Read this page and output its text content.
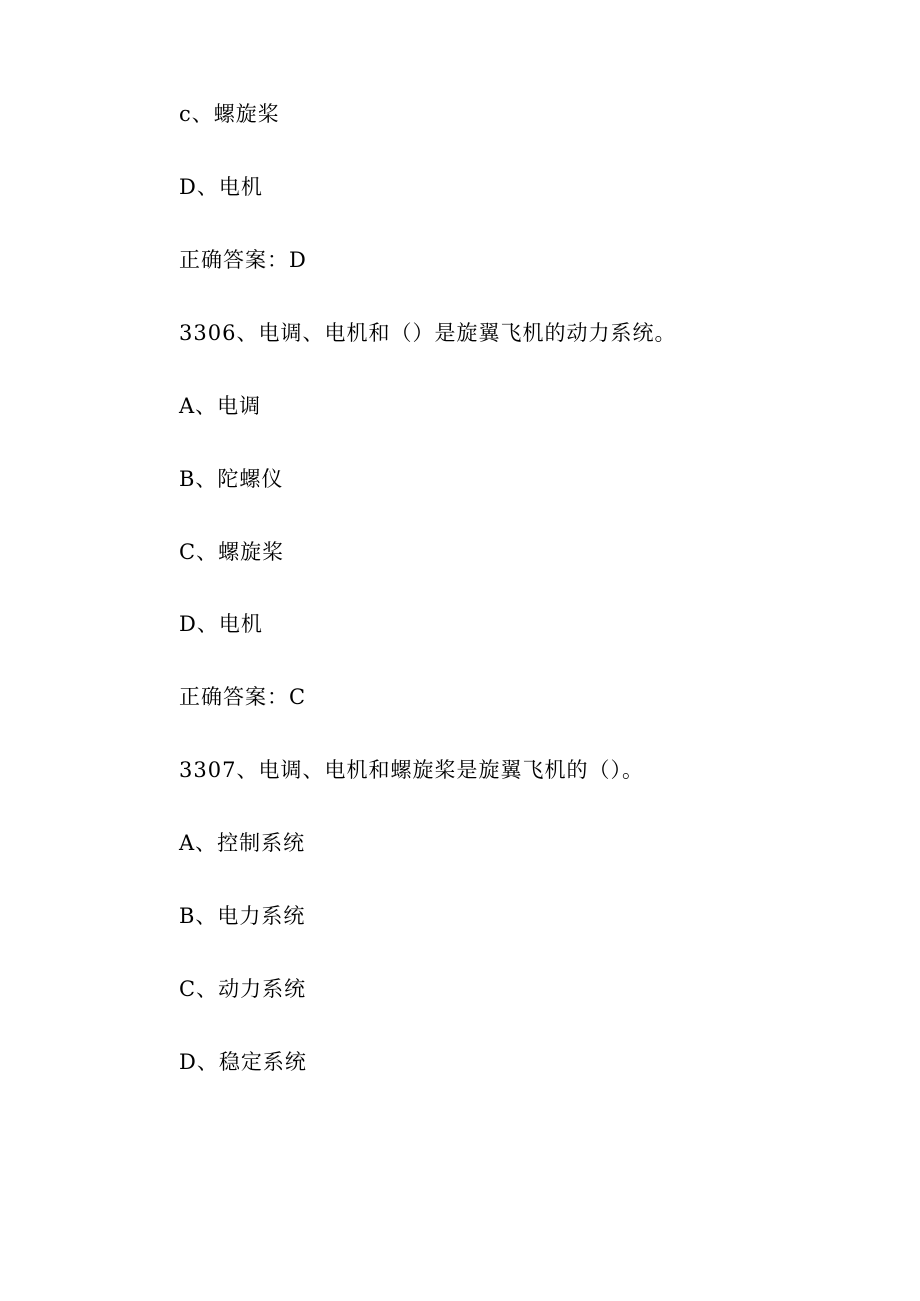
c、螺旋桨
D、电机
正确答案：D
3306、电调、电机和（）是旋翼飞机的动力系统。
A、电调
B、陀螺仪
C、螺旋桨
D、电机
正确答案：C
3307、电调、电机和螺旋桨是旋翼飞机的（）。
A、控制系统
B、电力系统
C、动力系统
D、稳定系统
